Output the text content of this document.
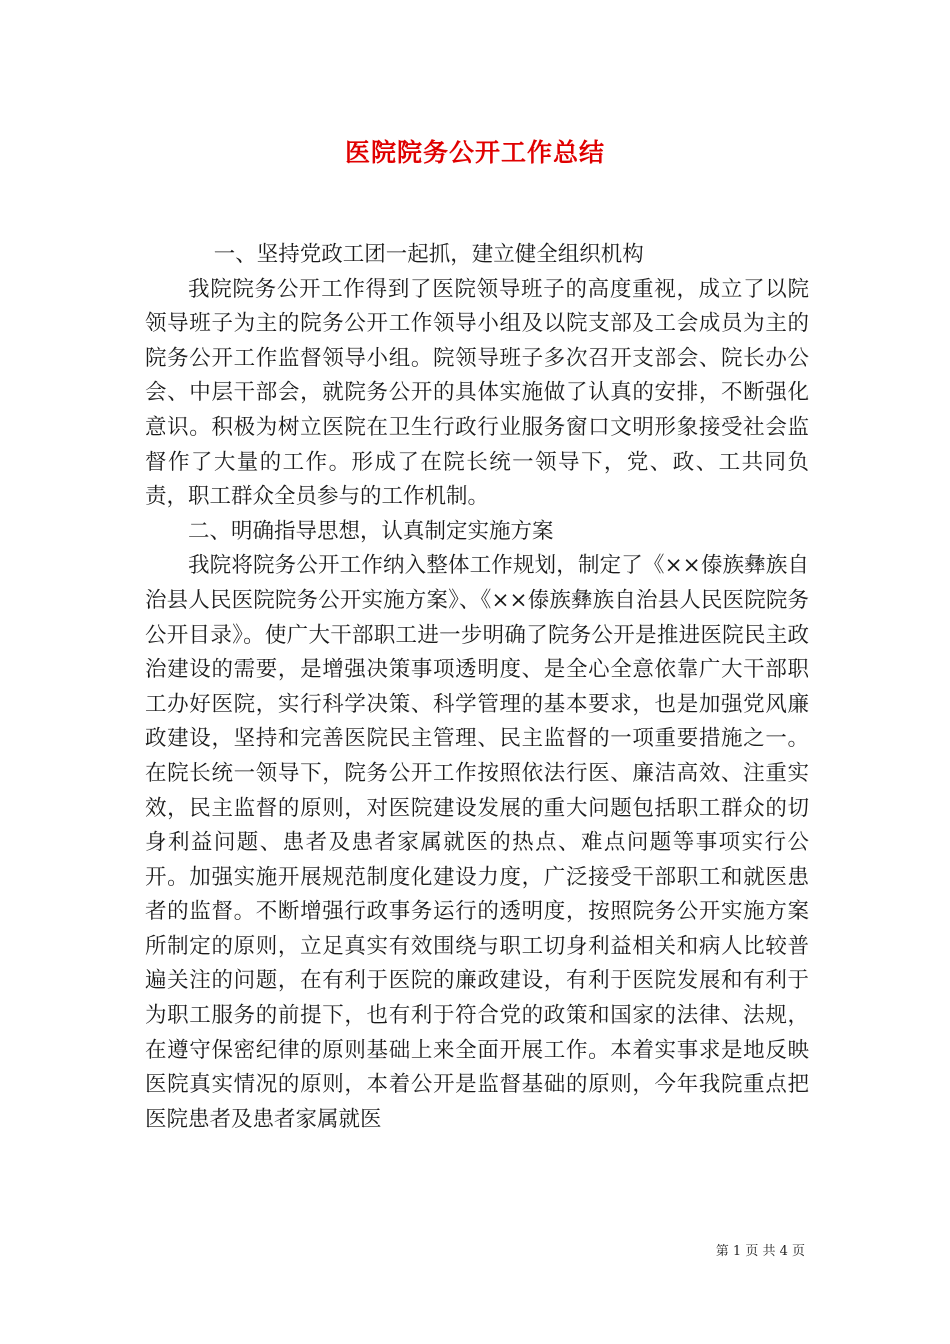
医院院务公开工作总结

一、坚持党政工团一起抓，建立健全组织机构

我院院务公开工作得到了医院领导班子的高度重视，成立了以院领导班子为主的院务公开工作领导小组及以院支部及工会成员为主的院务公开工作监督领导小组。院领导班子多次召开支部会、院长办公会、中层干部会，就院务公开的具体实施做了认真的安排，不断强化意识。积极为树立医院在卫生行政行业服务窗口文明形象接受社会监督作了大量的工作。形成了在院长统一领导下，党、政、工共同负责，职工群众全员参与的工作机制。

二、明确指导思想，认真制定实施方案

我院将院务公开工作纳入整体工作规划，制定了《××傣族彝族自治县人民医院院务公开实施方案》、《××傣族彝族自治县人民医院院务公开目录》。使广大干部职工进一步明确了院务公开是推进医院民主政治建设的需要，是增强决策事项透明度、是全心全意依靠广大干部职工办好医院，实行科学决策、科学管理的基本要求，也是加强党风廉政建设，坚持和完善医院民主管理、民主监督的一项重要措施之一。在院长统一领导下，院务公开工作按照依法行医、廉洁高效、注重实效，民主监督的原则，对医院建设发展的重大问题包括职工群众的切身利益问题、患者及患者家属就医的热点、难点问题等事项实行公开。加强实施开展规范制度化建设力度，广泛接受干部职工和就医患者的监督。不断增强行政事务运行的透明度，按照院务公开实施方案所制定的原则，立足真实有效围绕与职工切身利益相关和病人比较普遍关注的问题，在有利于医院的廉政建设，有利于医院发展和有利于为职工服务的前提下，也有利于符合党的政策和国家的法律、法规，在遵守保密纪律的原则基础上来全面开展工作。本着实事求是地反映医院真实情况的原则，本着公开是监督基础的原则，今年我院重点把医院患者及患者家属就医

第 1 页 共 4 页
